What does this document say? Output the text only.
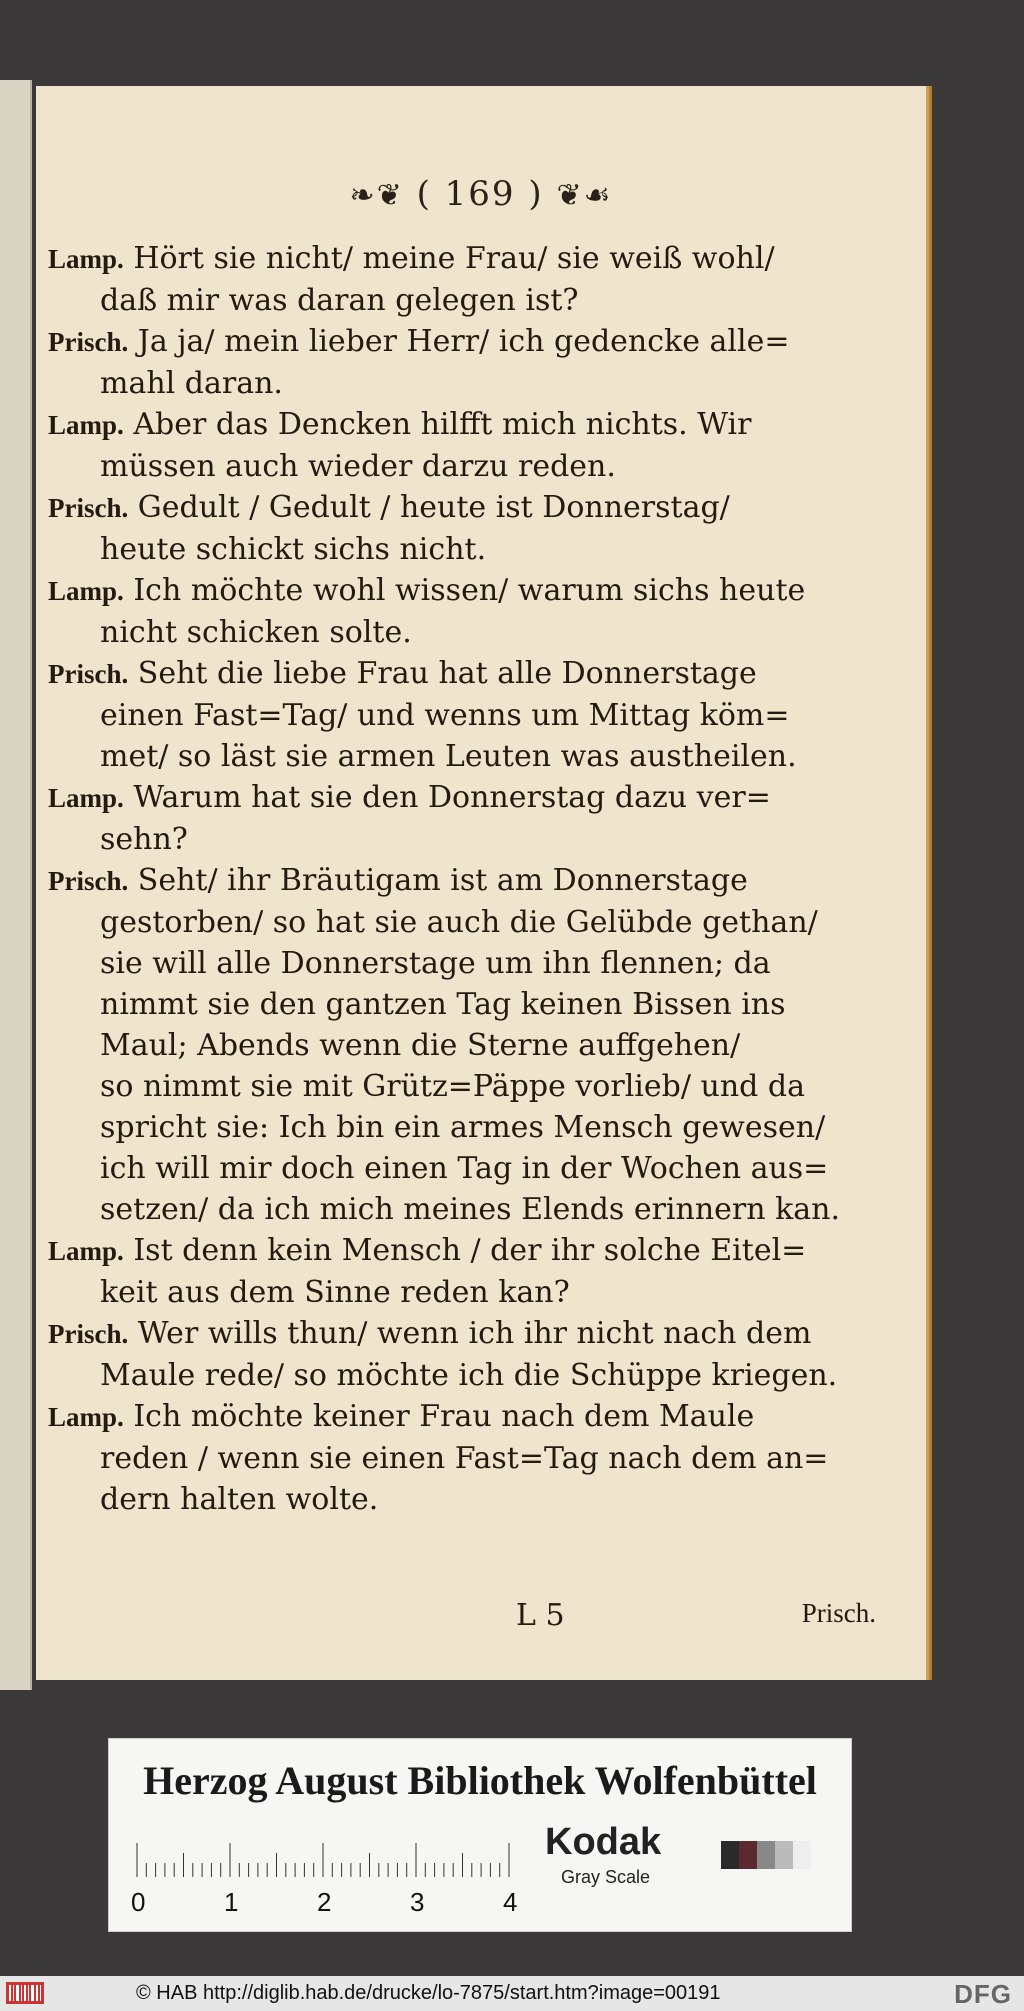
❧❦ ( 169 ) ❦☙
Lamp. Hört sie nicht/ meine Frau/ sie weiß wohl/
daß mir was daran gelegen ist?
Prisch. Ja ja/ mein lieber Herr/ ich gedencke alle=
mahl daran.
Lamp. Aber das Dencken hilfft mich nichts. Wir
müssen auch wieder darzu reden.
Prisch. Gedult / Gedult / heute ist Donnerstag/
heute schickt sichs nicht.
Lamp. Ich möchte wohl wissen/ warum sichs heute
nicht schicken solte.
Prisch. Seht die liebe Frau hat alle Donnerstage
einen Fast=Tag/ und wenns um Mittag köm=
met/ so läst sie armen Leuten was austheilen.
Lamp. Warum hat sie den Donnerstag dazu ver=
sehn?
Prisch. Seht/ ihr Bräutigam ist am Donnerstage
gestorben/ so hat sie auch die Gelübde gethan/
sie will alle Donnerstage um ihn flennen; da
nimmt sie den gantzen Tag keinen Bissen ins
Maul; Abends wenn die Sterne auffgehen/
so nimmt sie mit Grütz=Päppe vorlieb/ und da
spricht sie: Ich bin ein armes Mensch gewesen/
ich will mir doch einen Tag in der Wochen aus=
setzen/ da ich mich meines Elends erinnern kan.
Lamp. Ist denn kein Mensch / der ihr solche Eitel=
keit aus dem Sinne reden kan?
Prisch. Wer wills thun/ wenn ich ihr nicht nach dem
Maule rede/ so möchte ich die Schüppe kriegen.
Lamp. Ich möchte keiner Frau nach dem Maule
reden / wenn sie einen Fast=Tag nach dem an=
dern halten wolte.
L 5	Prisch.
Herzog August Bibliothek Wolfenbüttel
0	1	2	3	4
Kodak
Gray Scale
© HAB http://diglib.hab.de/drucke/lo-7875/start.htm?image=00191	DFG
